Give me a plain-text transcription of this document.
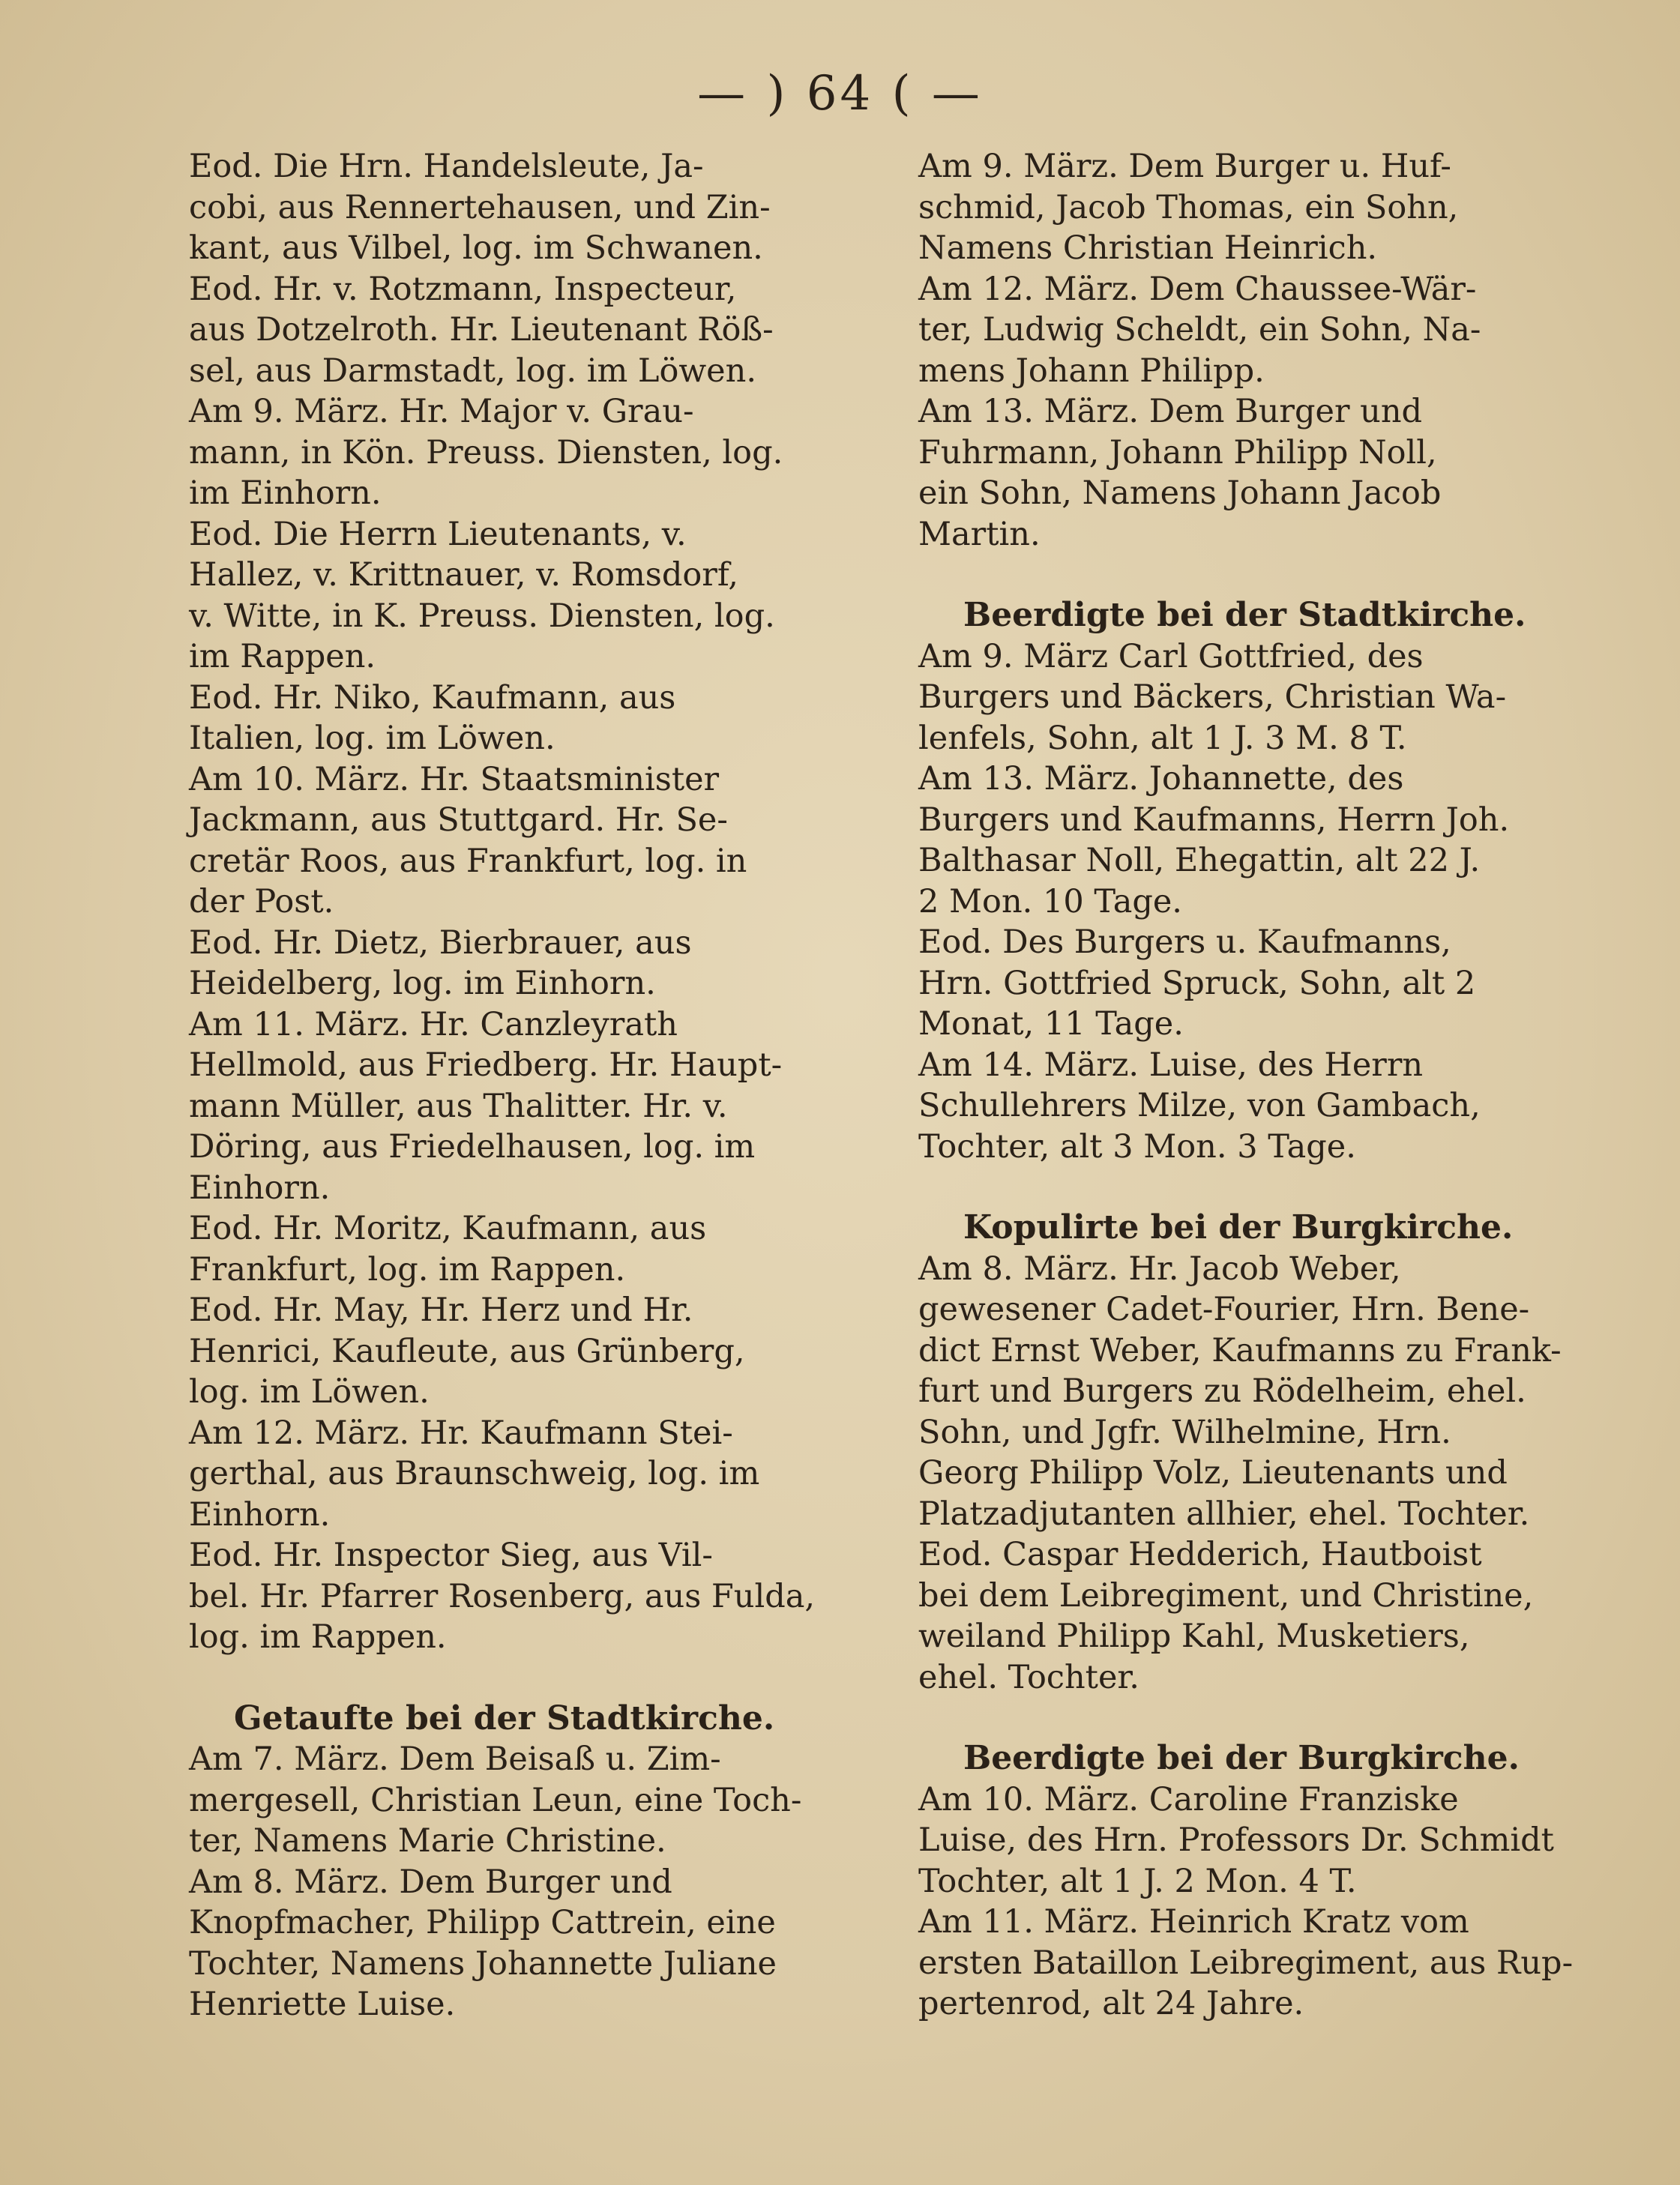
— ) 64 ( —

Eod. Die Hrn. Handelsleute, Ja-
cobi, aus Rennertehausen, und Zin-
kant, aus Vilbel, log. im Schwanen.

Eod. Hr. v. Rotzmann, Inspecteur,
aus Dotzelroth. Hr. Lieutenant Röß-
sel, aus Darmstadt, log. im Löwen.

Am 9. März. Hr. Major v. Grau-
mann, in Kön. Preuss. Diensten, log.
im Einhorn.

Eod. Die Herrn Lieutenants, v.
Hallez, v. Krittnauer, v. Romsdorf,
v. Witte, in K. Preuss. Diensten, log.
im Rappen.

Eod. Hr. Niko, Kaufmann, aus
Italien, log. im Löwen.

Am 10. März. Hr. Staatsminister
Jackmann, aus Stuttgard. Hr. Se-
cretär Roos, aus Frankfurt, log. in
der Post.

Eod. Hr. Dietz, Bierbrauer, aus
Heidelberg, log. im Einhorn.

Am 11. März. Hr. Canzleyrath
Hellmold, aus Friedberg. Hr. Haupt-
mann Müller, aus Thalitter. Hr. v.
Döring, aus Friedelhausen, log. im
Einhorn.

Eod. Hr. Moritz, Kaufmann, aus
Frankfurt, log. im Rappen.

Eod. Hr. May, Hr. Herz und Hr.
Henrici, Kaufleute, aus Grünberg,
log. im Löwen.

Am 12. März. Hr. Kaufmann Stei-
gerthal, aus Braunschweig, log. im
Einhorn.

Eod. Hr. Inspector Sieg, aus Vil-
bel. Hr. Pfarrer Rosenberg, aus Fulda,
log. im Rappen.

Getaufte bei der Stadtkirche.

Am 7. März. Dem Beisaß u. Zim-
mergesell, Christian Leun, eine Toch-
ter, Namens Marie Christine.

Am 8. März. Dem Burger und
Knopfmacher, Philipp Cattrein, eine
Tochter, Namens Johannette Juliane
Henriette Luise.

Am 9. März. Dem Burger u. Huf-
schmid, Jacob Thomas, ein Sohn,
Namens Christian Heinrich.

Am 12. März. Dem Chaussee-Wär-
ter, Ludwig Scheldt, ein Sohn, Na-
mens Johann Philipp.

Am 13. März. Dem Burger und
Fuhrmann, Johann Philipp Noll,
ein Sohn, Namens Johann Jacob
Martin.

Beerdigte bei der Stadtkirche.

Am 9. März Carl Gottfried, des
Burgers und Bäckers, Christian Wa-
lenfels, Sohn, alt 1 J. 3 M. 8 T.

Am 13. März. Johannette, des
Burgers und Kaufmanns, Herrn Joh.
Balthasar Noll, Ehegattin, alt 22 J.
2 Mon. 10 Tage.

Eod. Des Burgers u. Kaufmanns,
Hrn. Gottfried Spruck, Sohn, alt 2
Monat, 11 Tage.

Am 14. März. Luise, des Herrn
Schullehrers Milze, von Gambach,
Tochter, alt 3 Mon. 3 Tage.

Kopulirte bei der Burgkirche.

Am 8. März. Hr. Jacob Weber,
gewesener Cadet-Fourier, Hrn. Bene-
dict Ernst Weber, Kaufmanns zu Frank-
furt und Burgers zu Rödelheim, ehel.
Sohn, und Jgfr. Wilhelmine, Hrn.
Georg Philipp Volz, Lieutenants und
Platzadjutanten allhier, ehel. Tochter.

Eod. Caspar Hedderich, Hautboist
bei dem Leibregiment, und Christine,
weiland Philipp Kahl, Musketiers,
ehel. Tochter.

Beerdigte bei der Burgkirche.

Am 10. März. Caroline Franziske
Luise, des Hrn. Professors Dr. Schmidt
Tochter, alt 1 J. 2 Mon. 4 T.

Am 11. März. Heinrich Kratz vom
ersten Bataillon Leibregiment, aus Rup-
pertenrod, alt 24 Jahre.
